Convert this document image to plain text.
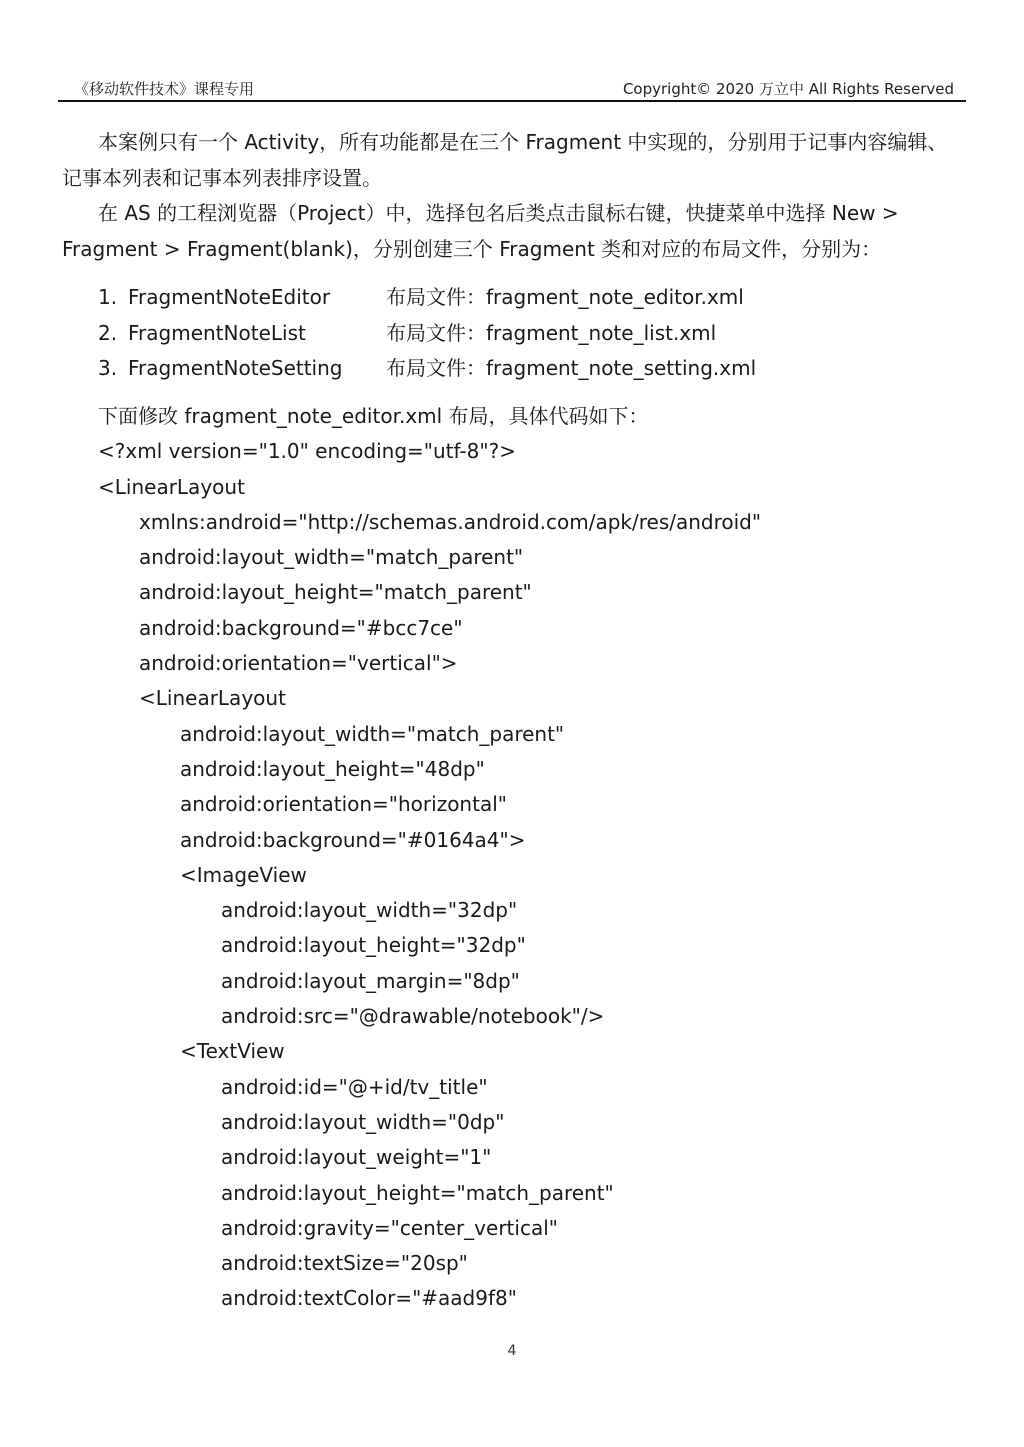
《移动软件技术》课程专用	Copyright© 2020 万立中 All Rights Reserved
本案例只有一个 Activity，所有功能都是在三个 Fragment 中实现的，分别用于记事内容编辑、记事本列表和记事本列表排序设置。
在 AS 的工程浏览器（Project）中，选择包名后类点击鼠标右键，快捷菜单中选择 New > Fragment > Fragment(blank)，分别创建三个 Fragment 类和对应的布局文件，分别为：
1. FragmentNoteEditor	布局文件：fragment_note_editor.xml
2. FragmentNoteList	布局文件：fragment_note_list.xml
3. FragmentNoteSetting 布局文件：fragment_note_setting.xml
下面修改 fragment_note_editor.xml 布局，具体代码如下：
<?xml version="1.0" encoding="utf-8"?>
<LinearLayout
xmlns:android="http://schemas.android.com/apk/res/android"
android:layout_width="match_parent"
android:layout_height="match_parent"
android:background="#bcc7ce"
android:orientation="vertical">
<LinearLayout
android:layout_width="match_parent"
android:layout_height="48dp"
android:orientation="horizontal"
android:background="#0164a4">
<ImageView
android:layout_width="32dp"
android:layout_height="32dp"
android:layout_margin="8dp"
android:src="@drawable/notebook"/>
<TextView
android:id="@+id/tv_title"
android:layout_width="0dp"
android:layout_weight="1"
android:layout_height="match_parent"
android:gravity="center_vertical"
android:textSize="20sp"
android:textColor="#aad9f8"
4
